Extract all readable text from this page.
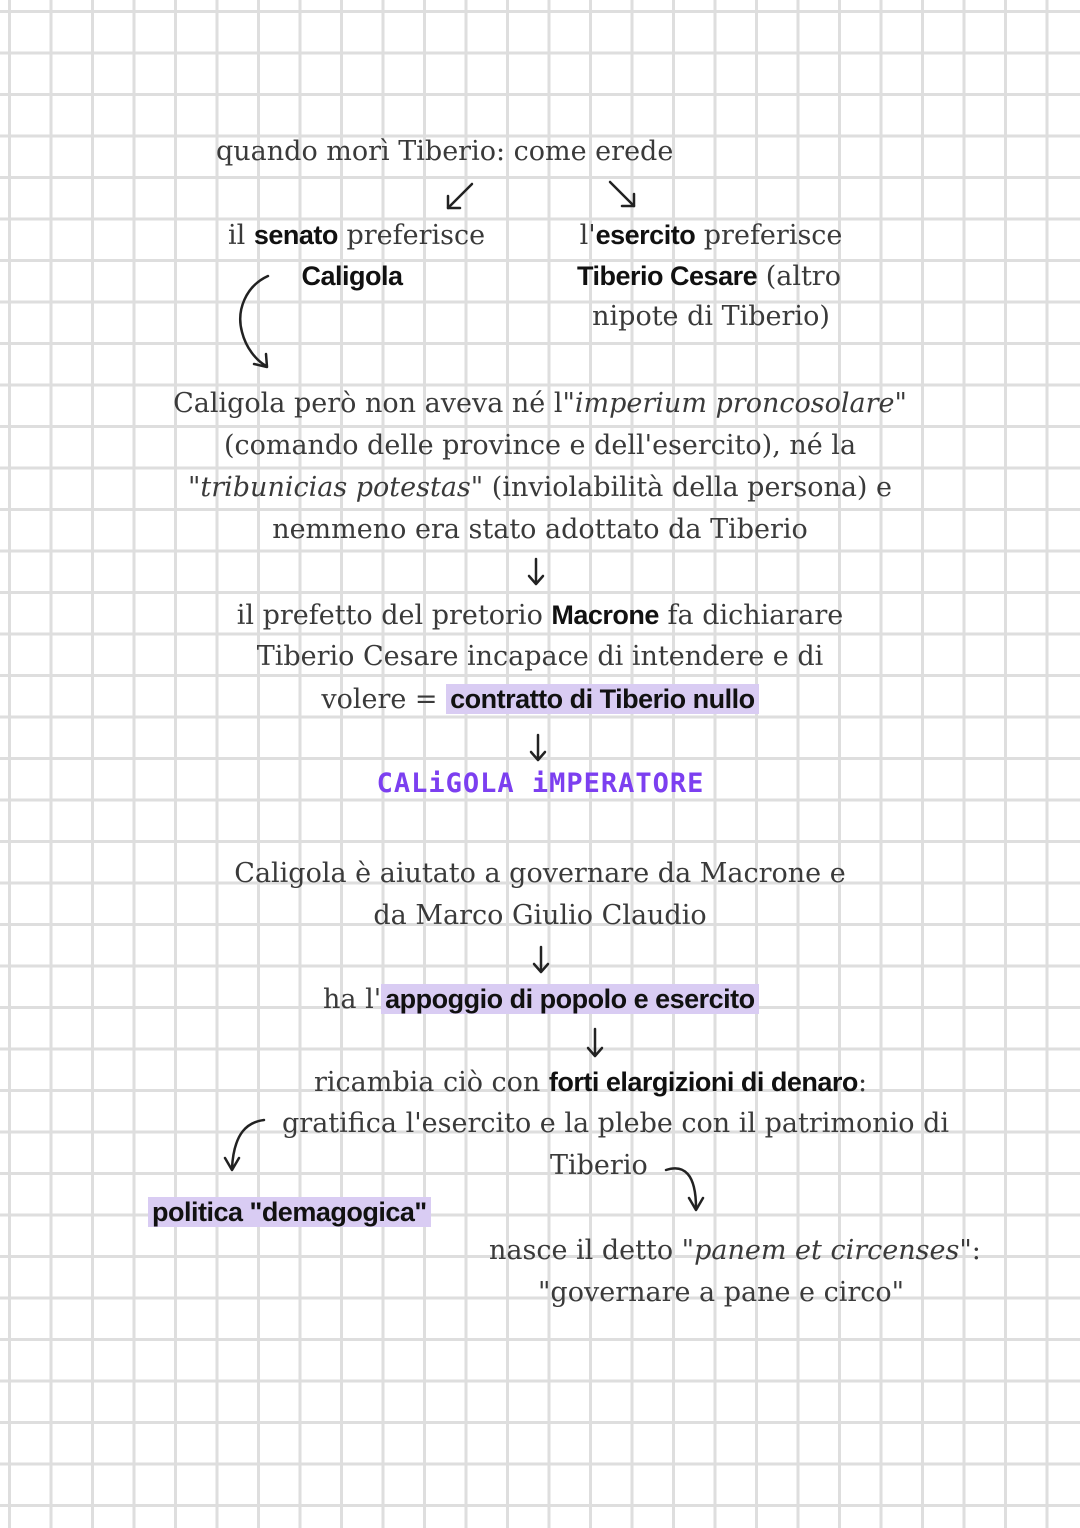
quando morì Tiberio: come erede
il senato preferisce
Caligola
l'esercito preferisce
Tiberio Cesare (altro
nipote di Tiberio)
Caligola però non aveva né l"imperium proncosolare"
(comando delle province e dell'esercito), né la
"tribunicias potestas" (inviolabilità della persona) e
nemmeno era stato adottato da Tiberio
il prefetto del pretorio Macrone fa dichiarare
Tiberio Cesare incapace di intendere e di
volere = contratto di Tiberio nullo
CALiGOLA iMPERATORE
Caligola è aiutato a governare da Macrone e
da Marco Giulio Claudio
ha l' appoggio di popolo e esercito
ricambia ciò con forti elargizioni di denaro:
gratifica l'esercito e la plebe con il patrimonio di
Tiberio
politica "demagogica"
nasce il detto "panem et circenses":
"governare a pane e circo"
